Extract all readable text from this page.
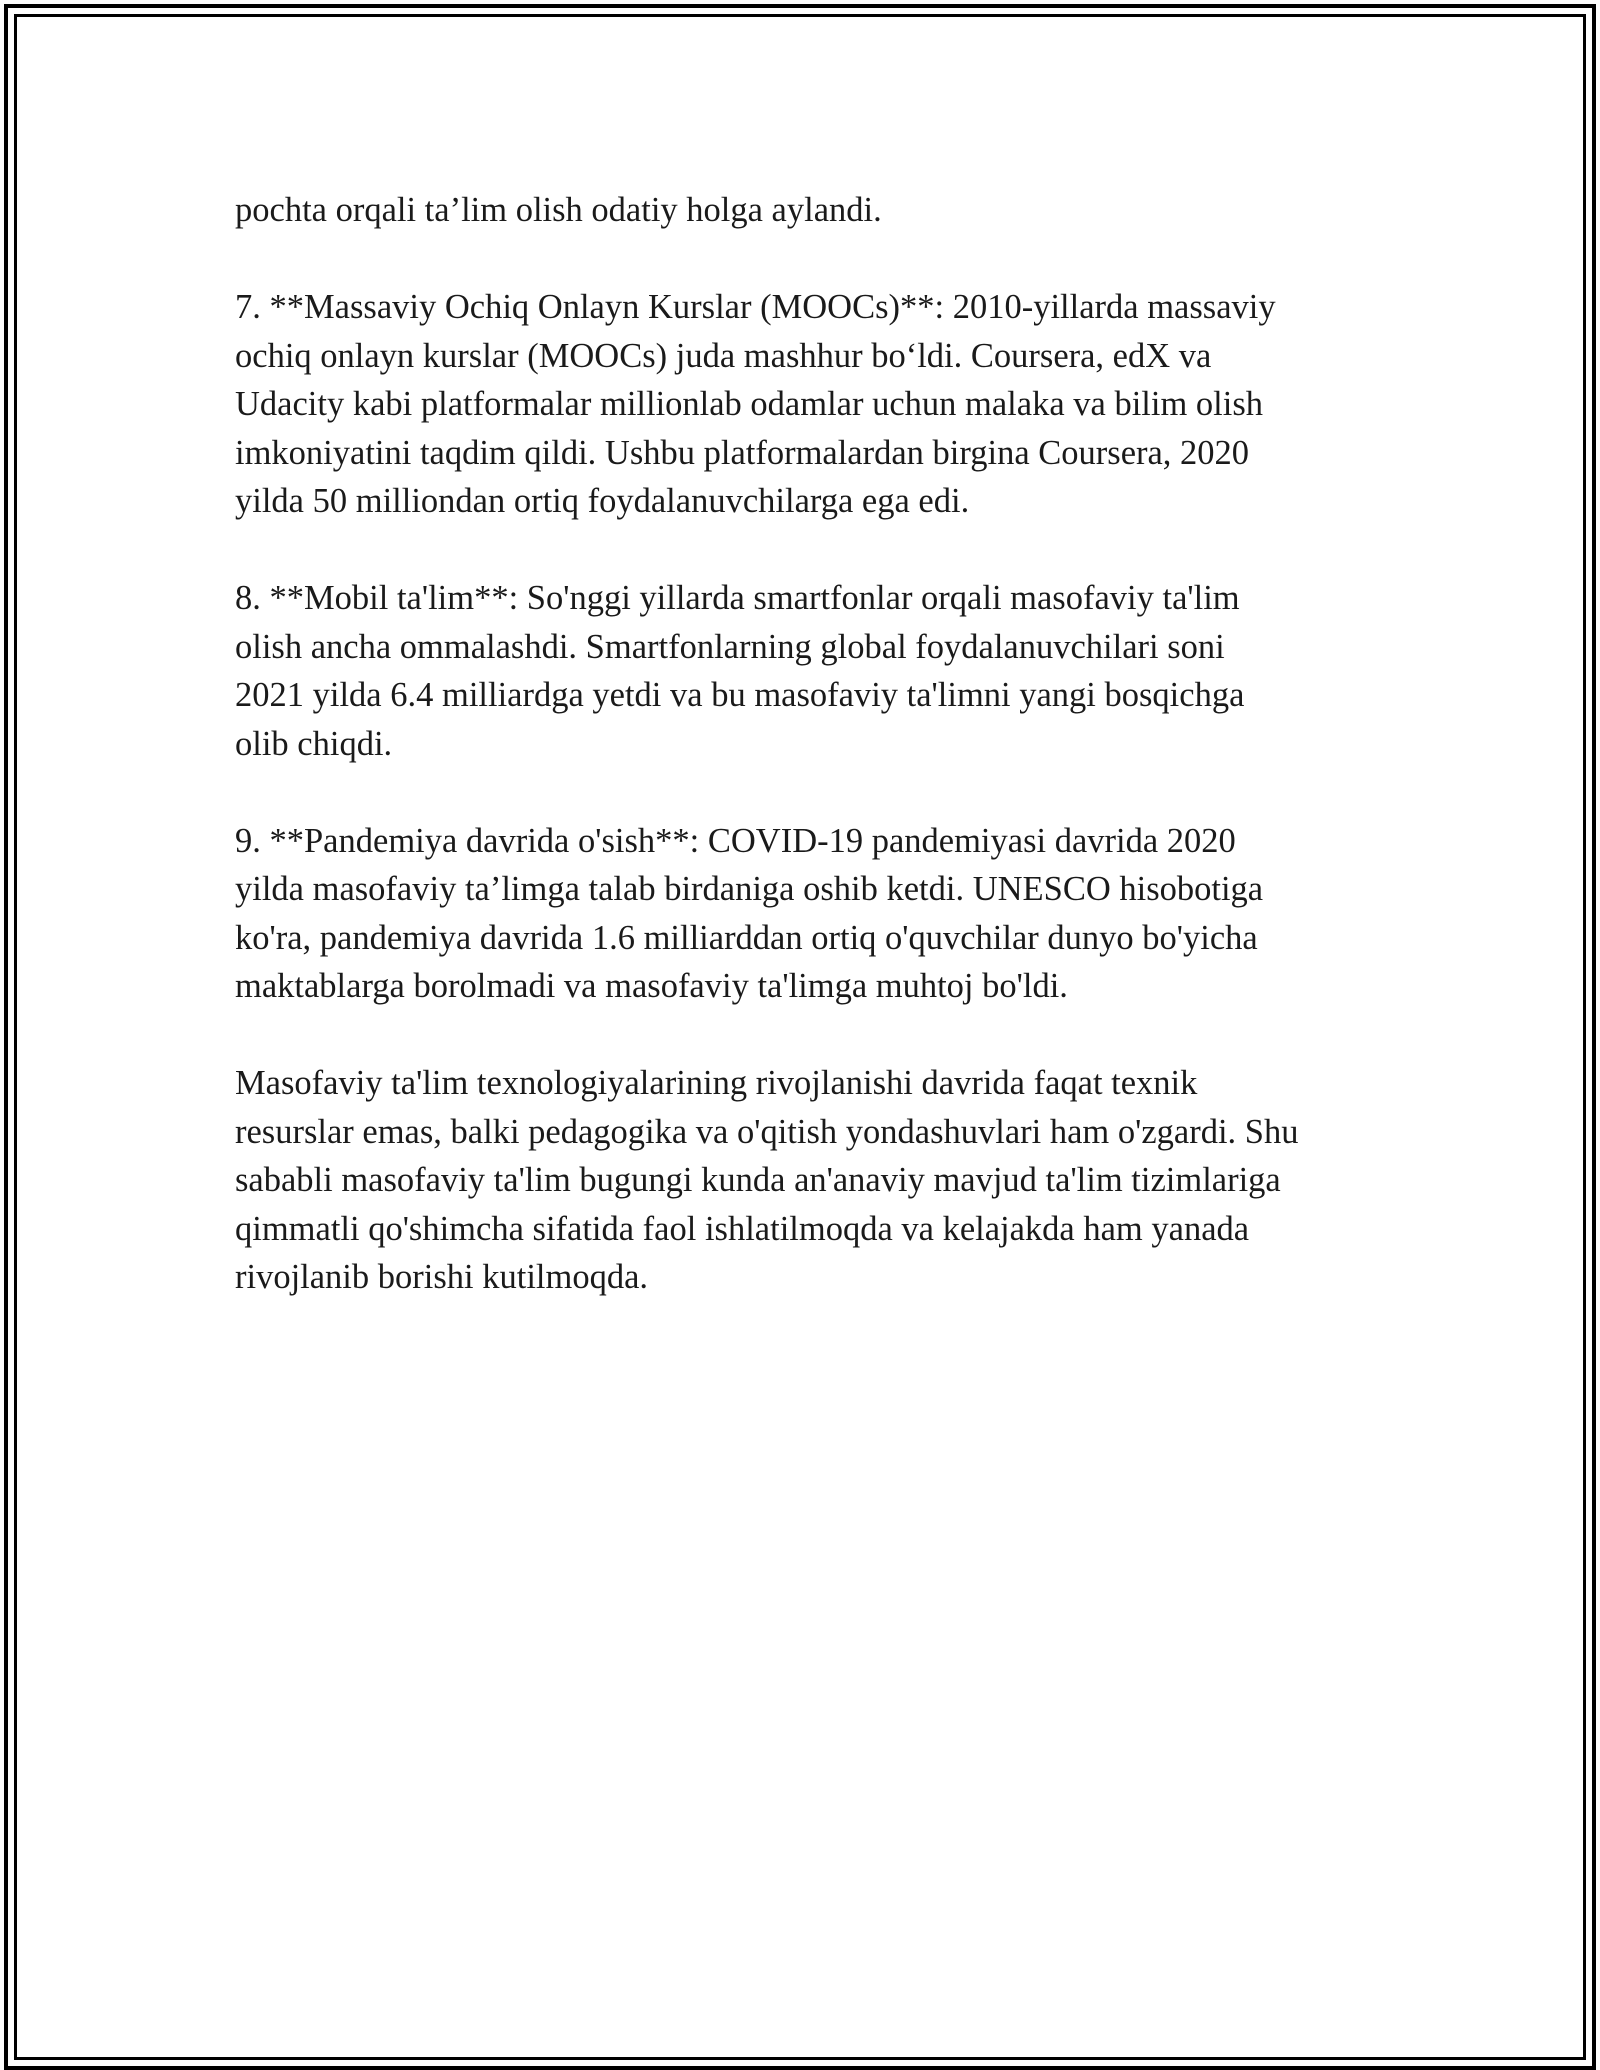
pochta orqali ta’lim olish odatiy holga aylandi.

7. **Massaviy Ochiq Onlayn Kurslar (MOOCs)**: 2010-yillarda massaviy
ochiq onlayn kurslar (MOOCs) juda mashhur bo‘ldi. Coursera, edX va
Udacity kabi platformalar millionlab odamlar uchun malaka va bilim olish
imkoniyatini taqdim qildi. Ushbu platformalardan birgina Coursera, 2020
yilda 50 milliondan ortiq foydalanuvchilarga ega edi.

8. **Mobil ta'lim**: So'nggi yillarda smartfonlar orqali masofaviy ta'lim
olish ancha ommalashdi. Smartfonlarning global foydalanuvchilari soni
2021 yilda 6.4 milliardga yetdi va bu masofaviy ta'limni yangi bosqichga
olib chiqdi.

9. **Pandemiya davrida o'sish**: COVID-19 pandemiyasi davrida 2020
yilda masofaviy ta’limga talab birdaniga oshib ketdi. UNESCO hisobotiga
ko'ra, pandemiya davrida 1.6 milliarddan ortiq o'quvchilar dunyo bo'yicha
maktablarga borolmadi va masofaviy ta'limga muhtoj bo'ldi.

Masofaviy ta'lim texnologiyalarining rivojlanishi davrida faqat texnik
resurslar emas, balki pedagogika va o'qitish yondashuvlari ham o'zgardi. Shu
sababli masofaviy ta'lim bugungi kunda an'anaviy mavjud ta'lim tizimlariga
qimmatli qo'shimcha sifatida faol ishlatilmoqda va kelajakda ham yanada
rivojlanib borishi kutilmoqda.
